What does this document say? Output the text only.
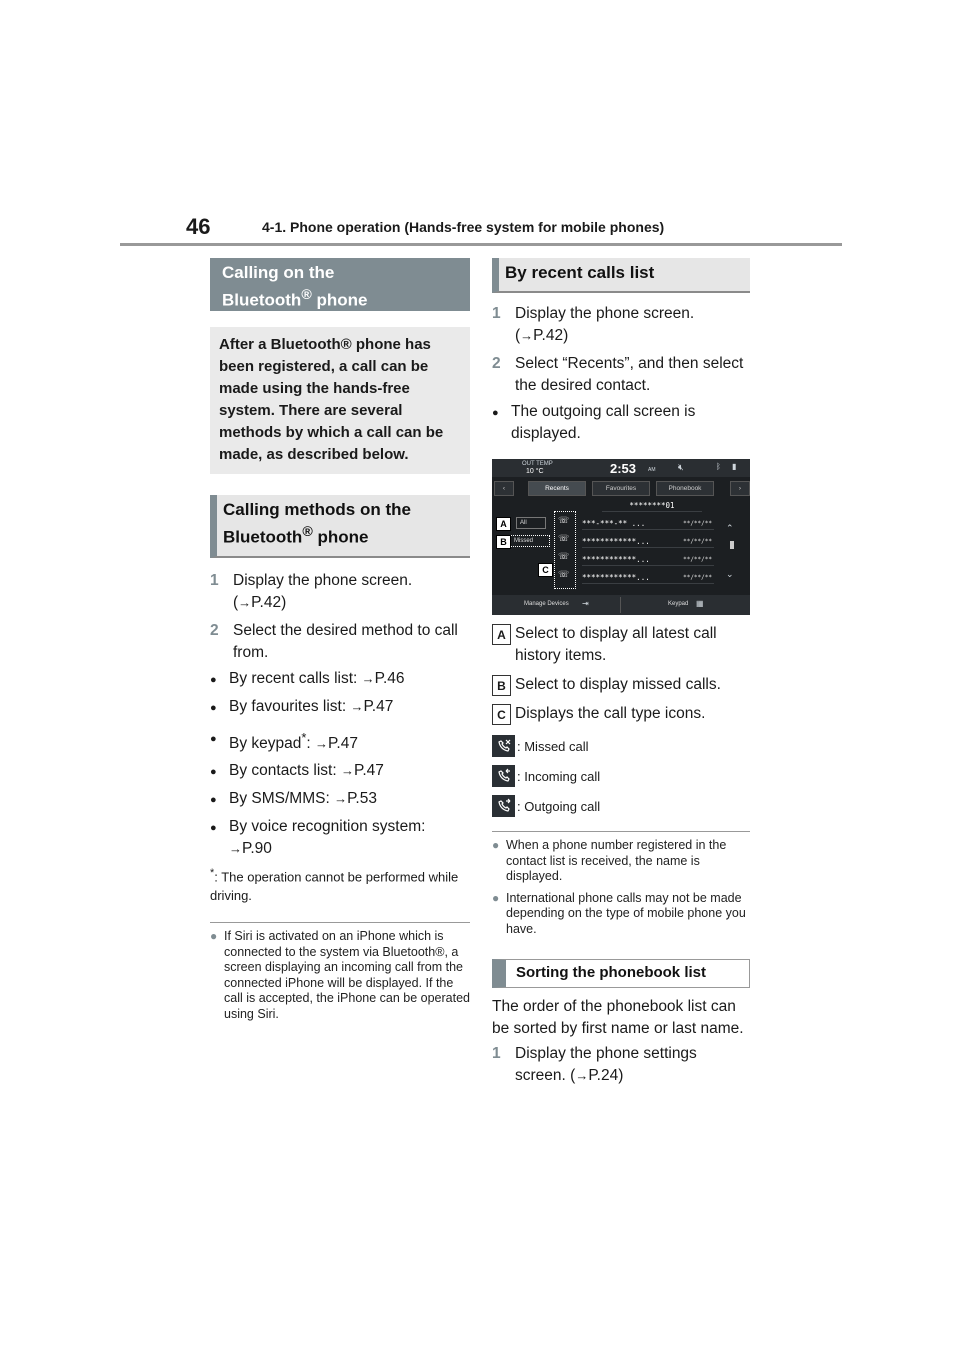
46	4-1. Phone operation (Hands-free system for mobile phones)
Calling on the
Bluetooth® phone
After a Bluetooth® phone has been registered, a call can be made using the hands-free system. There are several methods by which a call can be made, as described below.
Calling methods on the
Bluetooth® phone
1 Display the phone screen.
(→P.42)
2 Select the desired method to call from.
● By recent calls list: →P.46
● By favourites list: →P.47
● By keypad*: →P.47
● By contacts list: →P.47
● By SMS/MMS: →P.53
● By voice recognition system:
→P.90
*: The operation cannot be performed while driving.
● If Siri is activated on an iPhone which is connected to the system via Bluetooth®, a screen displaying an incoming call from the connected iPhone will be displayed. If the call is accepted, the iPhone can be operated using Siri.
By recent calls list
1 Display the phone screen.
(→P.42)
2 Select “Recents”, and then select the desired contact.
● The outgoing call screen is displayed.
OUT TEMP
10 °C	2:53 AM	🔇︎	ᛒ ▮
‹	Recents	Favourites	Phonebook	›
All
Missed
☏
☏
☏
☏
********01
***-***-** ...	**/**/**
************...	**/**/**
************...	**/**/**
************...	**/**/**
⌃
⌄
Manage Devices ⇥	Keypad ▦
A
B
C
A Select to display all latest call history items.
B Select to display missed calls.
C Displays the call type icons.
: Missed call
: Incoming call
: Outgoing call
● When a phone number registered in the contact list is received, the name is displayed.
● International phone calls may not be made depending on the type of mobile phone you have.
Sorting the phonebook list
The order of the phonebook list can be sorted by first name or last name.
1 Display the phone settings screen. (→P.24)
